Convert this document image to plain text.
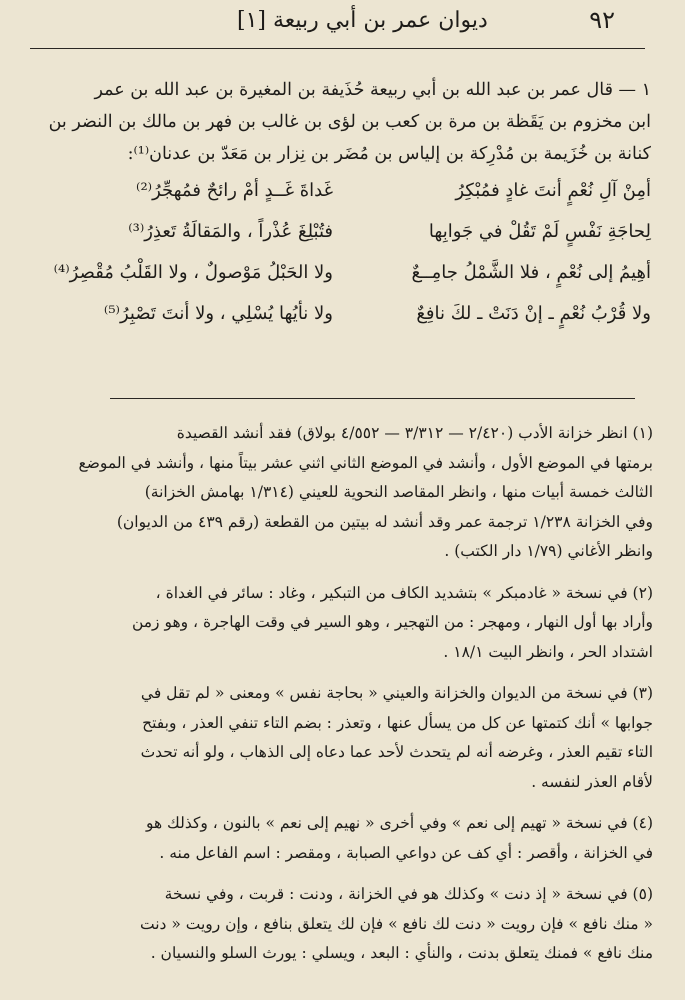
٩٢
ديوان عمر بن أبي ربيعة [١]
١ — قال عمر بن عبد الله بن أبي ربيعة حُذَيفة بن المغيرة بن عبد الله بن عمر
ابن مخزوم بن يَقَظة بن مرة بن كعب بن لؤى بن غالب بن فهر بن مالك بن النضر بن
كنانة بن خُزَيمة بن مُدْرِكة بن إلياس بن مُضَر بن نِزار بن مَعَدّ بن عدنان⁽¹⁾:
أمِنْ آلِ نُعْمٍ أنتَ غادٍ فمُبْكِرُ
غَداةَ غَــدٍ أمْ رائحٌ فمُهجِّرُ⁽²⁾
لِحاجَةِ نَفْسٍ لَمْ تَقُلْ في جَوابِها
فتُبْلِغَ عُذْراً ، والمَقالَةُ تَعذِرُ⁽³⁾
أهِيمُ إلى نُعْمٍ ، فلا الشَّمْلُ جامِــعٌ
ولا الحَبْلُ مَوْصولٌ ، ولا القَلْبُ مُقْصِرُ⁽⁴⁾
ولا قُرْبُ نُعْمٍ ـ إنْ دَنَتْ ـ لكَ نافِعٌ
ولا نأيُها يُسْلِي ، ولا أنتَ تَصْبِرُ⁽⁵⁾
(١) انظر خزانة الأدب (٢/٤٢٠ — ٣/٣١٢ — ٤/٥٥٢ بولاق) فقد أنشد القصيدة
برمتها في الموضع الأول ، وأنشد في الموضع الثاني اثني عشر بيتاً منها ، وأنشد في الموضع
الثالث خمسة أبيات منها ، وانظر المقاصد النحوية للعيني (١/٣١٤ بهامش الخزانة)
وفي الخزانة ١/٢٣٨ ترجمة عمر وقد أنشد له بيتين من القطعة (رقم ٤٣٩ من الديوان)
وانظر الأغاني (١/٧٩ دار الكتب) .
(٢) في نسخة « غادمبكر » بتشديد الكاف من التبكير ، وغاد : سائر في الغداة ،
وأراد بها أول النهار ، ومهجر : من التهجير ، وهو السير في وقت الهاجرة ، وهو زمن
اشتداد الحر ، وانظر البيت ١٨/١ .
(٣) في نسخة من الديوان والخزانة والعيني « بحاجة نفس » ومعنى « لم تقل في
جوابها » أنك كتمتها عن كل من يسأل عنها ، وتعذر : بضم التاء تنفي العذر ، وبفتح
التاء تقيم العذر ، وغرضه أنه لم يتحدث لأحد عما دعاه إلى الذهاب ، ولو أنه تحدث
لأقام العذر لنفسه .
(٤) في نسخة « تهيم إلى نعم » وفي أخرى « نهيم إلى نعم » بالنون ، وكذلك هو
في الخزانة ، وأقصر : أي كف عن دواعي الصبابة ، ومقصر : اسم الفاعل منه .
(٥) في نسخة « إذ دنت » وكذلك هو في الخزانة ، ودنت : قربت ، وفي نسخة
« منك نافع » فإن رويت « دنت لك نافع » فإن لك يتعلق بنافع ، وإن رويت « دنت
منك نافع » فمنك يتعلق بدنت ، والنأي : البعد ، ويسلي : يورث السلو والنسيان .
